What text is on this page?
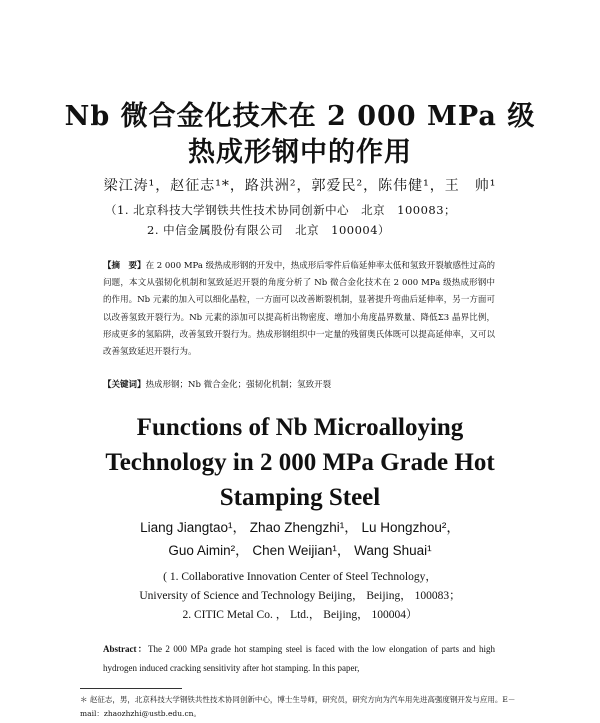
Nb 微合金化技术在 2 000 MPa 级
热成形钢中的作用
梁江涛¹，赵征志¹*，路洪洲²，郭爱民²，陈伟健¹，王　帅¹
（1. 北京科技大学钢铁共性技术协同创新中心　北京　100083；
2. 中信金属股份有限公司　北京　100004）
【摘　要】在 2 000 MPa 级热成形钢的开发中，热成形后零件后临延伸率太低和氢致开裂敏感性过高的问题，本文从强韧化机制和氢致延迟开裂的角度分析了 Nb 微合金化技术在 2 000 MPa 级热成形钢中的作用。Nb 元素的加入可以细化晶粒，一方面可以改善断裂机制，显著提升弯曲后延伸率，另一方面可以改善氢致开裂行为。Nb 元素的添加可以提高析出物密度、增加小角度晶界数量、降低Σ3 晶界比例，形成更多的氢陷阱，改善氢致开裂行为。热成形钢组织中一定量的残留奥氏体既可以提高延伸率，又可以改善氢致延迟开裂行为。
【关键词】热成形钢；Nb 微合金化；强韧化机制；氢致开裂
Functions of Nb Microalloying
Technology in 2 000 MPa Grade Hot
Stamping Steel
Liang Jiangtao¹， Zhao Zhengzhi¹， Lu Hongzhou²，
Guo Aimin²， Chen Weijian¹， Wang Shuai¹
( 1. Collaborative Innovation Center of Steel Technology，
University of Science and Technology Beijing， Beijing， 100083；
2. CITIC Metal Co. ， Ltd.， Beijing， 100004）
Abstract：The 2 000 MPa grade hot stamping steel is faced with the low elongation of parts and high hydrogen induced cracking sensitivity after hot stamping. In this paper,
＊ 赵征志，男，北京科技大学钢铁共性技术协同创新中心，博士生导师，研究员，研究方向为汽车用先进高强度钢开发与应用。E－mail：zhaozhzhi@ustb.edu.cn。
